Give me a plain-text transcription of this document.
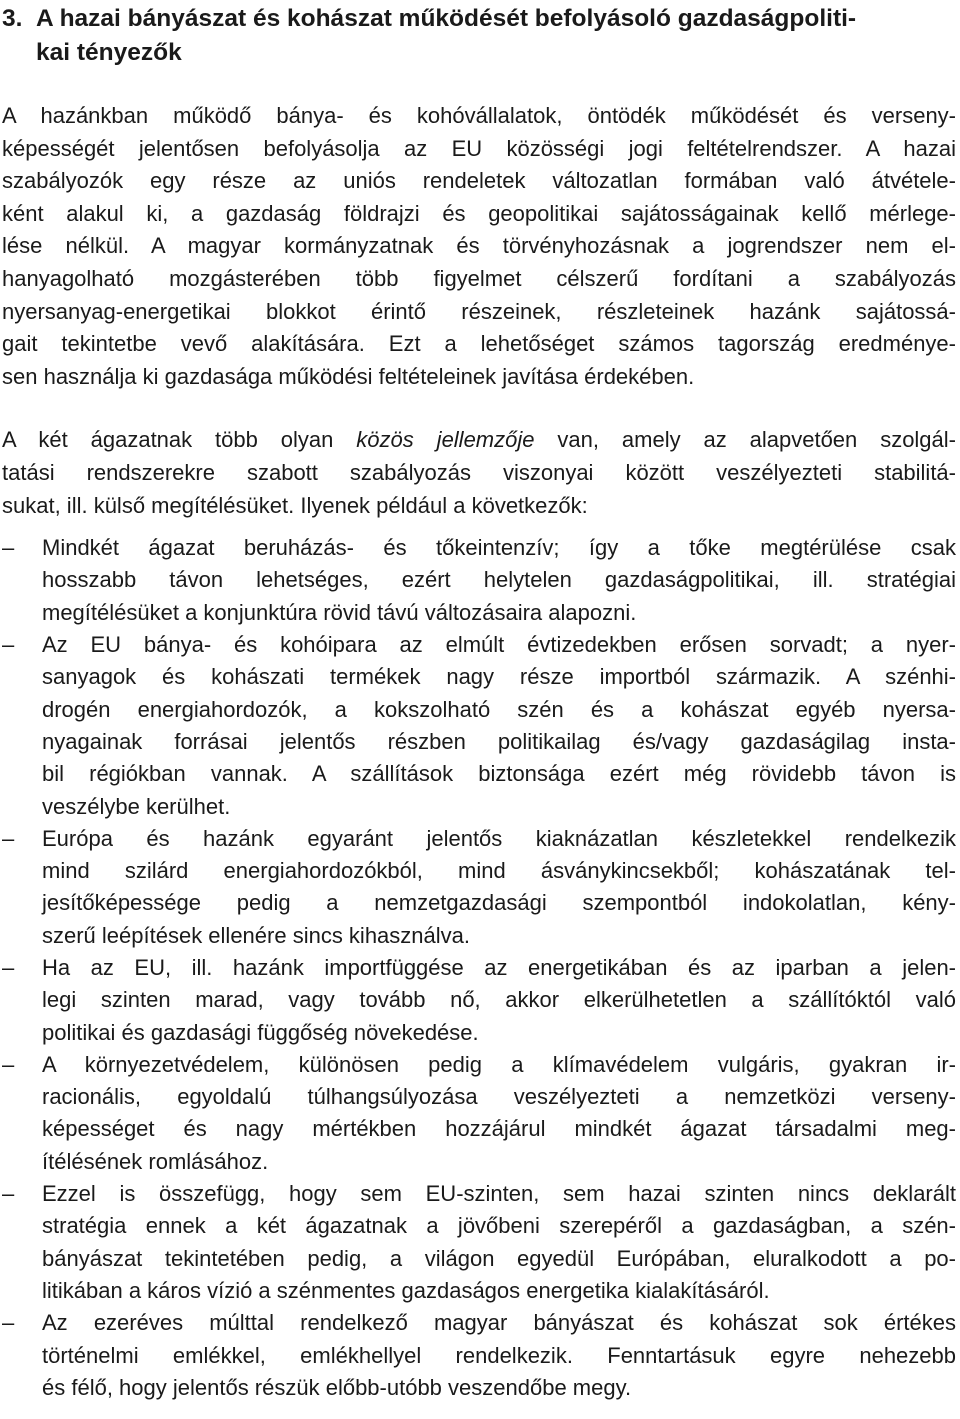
3. A hazai bányászat és kohászat működését befolyásoló gazdaságpoliti-
kai tényezők
A hazánkban működő bánya- és kohóvállalatok, öntödék működését és verseny-
képességét jelentősen befolyásolja az EU közösségi jogi feltételrendszer. A hazai
szabályozók egy része az uniós rendeletek változatlan formában való átvétele-
ként alakul ki, a gazdaság földrajzi és geopolitikai sajátosságainak kellő mérlege-
lése nélkül. A magyar kormányzatnak és törvényhozásnak a jogrendszer nem el-
hanyagolható mozgásterében több figyelmet célszerű fordítani a szabályozás
nyersanyag-energetikai blokkot érintő részeinek, részleteinek hazánk sajátossá-
gait tekintetbe vevő alakítására. Ezt a lehetőséget számos tagország eredménye-
sen használja ki gazdasága működési feltételeinek javítása érdekében.
A két ágazatnak több olyan közös jellemzője van, amely az alapvetően szolgál-
tatási rendszerekre szabott szabályozás viszonyai között veszélyezteti stabilitá-
sukat, ill. külső megítélésüket. Ilyenek például a következők:
–	Mindkét ágazat beruházás- és tőkeintenzív; így a tőke megtérülése csak
hosszabb távon lehetséges, ezért helytelen gazdaságpolitikai, ill. stratégiai
megítélésüket a konjunktúra rövid távú változásaira alapozni.
–	Az EU bánya- és kohóipara az elmúlt évtizedekben erősen sorvadt; a nyer-
sanyagok és kohászati termékek nagy része importból származik. A szénhi-
drogén energiahordozók, a kokszolható szén és a kohászat egyéb nyersa-
nyagainak forrásai jelentős részben politikailag és/vagy gazdaságilag insta-
bil régiókban vannak. A szállítások biztonsága ezért még rövidebb távon is
veszélybe kerülhet.
–	Európa és hazánk egyaránt jelentős kiaknázatlan készletekkel rendelkezik
mind szilárd energiahordozókból, mind ásványkincsekből; kohászatának tel-
jesítőképessége pedig a nemzetgazdasági szempontból indokolatlan, kény-
szerű leépítések ellenére sincs kihasználva.
–	Ha az EU, ill. hazánk importfüggése az energetikában és az iparban a jelen-
legi szinten marad, vagy tovább nő, akkor elkerülhetetlen a szállítóktól való
politikai és gazdasági függőség növekedése.
–	A környezetvédelem, különösen pedig a klímavédelem vulgáris, gyakran ir-
racionális, egyoldalú túlhangsúlyozása veszélyezteti a nemzetközi verseny-
képességet és nagy mértékben hozzájárul mindkét ágazat társadalmi meg-
ítélésének romlásához.
–	Ezzel is összefügg, hogy sem EU-szinten, sem hazai szinten nincs deklarált
stratégia ennek a két ágazatnak a jövőbeni szerepéről a gazdaságban, a szén-
bányászat tekintetében pedig, a világon egyedül Európában, eluralkodott a po-
litikában a káros vízió a szénmentes gazdaságos energetika kialakításáról.
–	Az ezeréves múlttal rendelkező magyar bányászat és kohászat sok értékes
történelmi emlékkel, emlékhellyel rendelkezik. Fenntartásuk egyre nehezebb
és félő, hogy jelentős részük előbb-utóbb veszendőbe megy.
